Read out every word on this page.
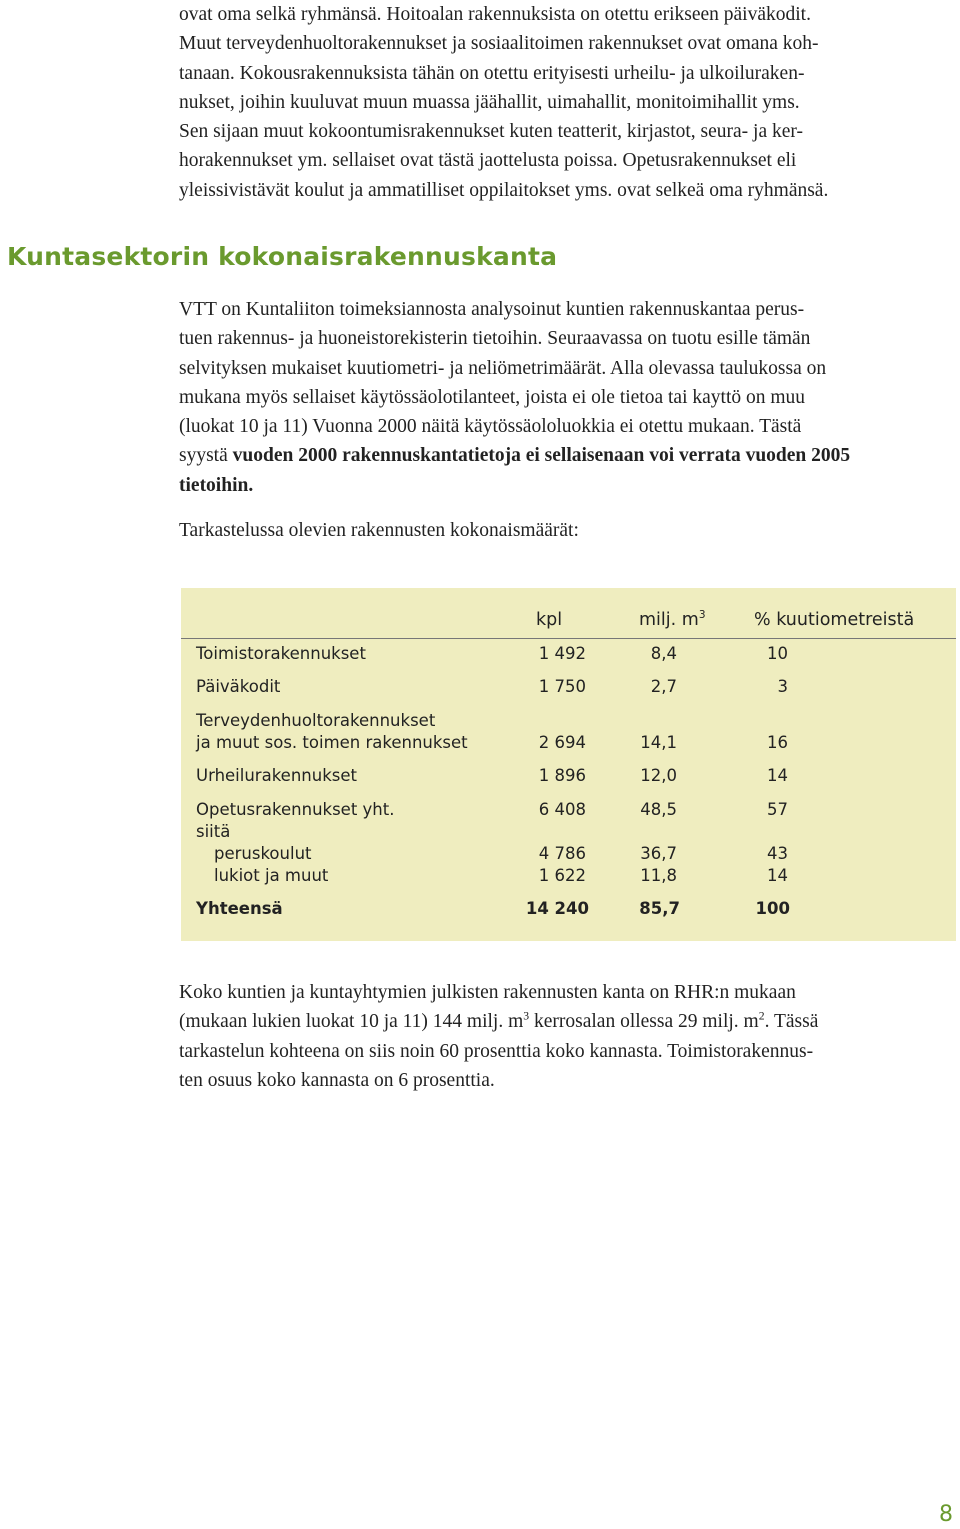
ovat oma selkä ryhmänsä. Hoitoalan rakennuksista on otettu erikseen päiväkodit.
Muut terveydenhuoltorakennukset ja sosiaalitoimen rakennukset ovat omana koh-
tanaan. Kokousrakennuksista tähän on otettu erityisesti urheilu- ja ulkoiluraken-
nukset, joihin kuuluvat muun muassa jäähallit, uimahallit, monitoimihallit yms.
Sen sijaan muut kokoontumisrakennukset kuten teatterit, kirjastot, seura- ja ker-
horakennukset ym. sellaiset ovat tästä jaottelusta poissa. Opetusrakennukset eli
yleissivistävät koulut ja ammatilliset oppilaitokset yms. ovat selkeä oma ryhmänsä.
Kuntasektorin kokonaisrakennuskanta
VTT on Kuntaliiton toimeksiannosta analysoinut kuntien rakennuskantaa perus-
tuen rakennus- ja huoneistorekisterin tietoihin. Seuraavassa on tuotu esille tämän
selvityksen mukaiset kuutiometri- ja neliömetrimäärät. Alla olevassa taulukossa on
mukana myös sellaiset käytössäolotilanteet, joista ei ole tietoa tai kayttö on muu
(luokat 10 ja 11) Vuonna 2000 näitä käytössäololuokkia ei otettu mukaan. Tästä
syystä vuoden 2000 rakennuskantatietoja ei sellaisenaan voi verrata vuoden 2005
tietoihin.
Tarkastelussa olevien rakennusten kokonaismäärät:
kpl	milj. $m^3$	% kuutiometreistä
Toimistorakennukset	1 492	8,4	10
Päiväkodit	1 750	2,7	3
Terveydenhuoltorakennukset
ja muut sos. toimen rakennukset	2 694	14,1	16
Urheilurakennukset	1 896	12,0	14
Opetusrakennukset yht.	6 408	48,5	57
siitä
peruskoulut	4 786	36,7	43
lukiot ja muut	1 622	11,8	14
Yhteensä	14 240	85,7	100
Koko kuntien ja kuntayhtymien julkisten rakennusten kanta on RHR:n mukaan
(mukaan lukien luokat 10 ja 11) 144 milj. $m^3$ kerrosalan ollessa 29 milj. $m^2$. Tässä
tarkastelun kohteena on siis noin 60 prosenttia koko kannasta. Toimistorakennus-
ten osuus koko kannasta on 6 prosenttia.
8
